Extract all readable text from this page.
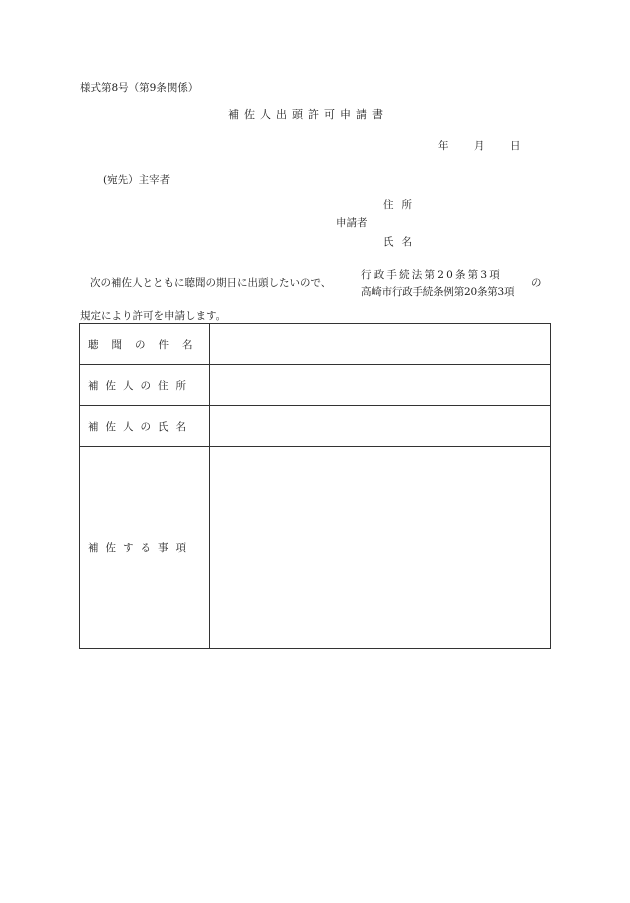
様式第8号（第9条関係）
補佐人出頭許可申請書
年 月 日
(宛先）主宰者
住所
申請者
氏名
次の補佐人とともに聴聞の期日に出頭したいので、
行政手続法第20条第3項
高崎市行政手続条例第20条第3項
の
規定により許可を申請します。
聴聞の件名	
補佐人の住所	
補佐人の氏名	
補佐する事項	
